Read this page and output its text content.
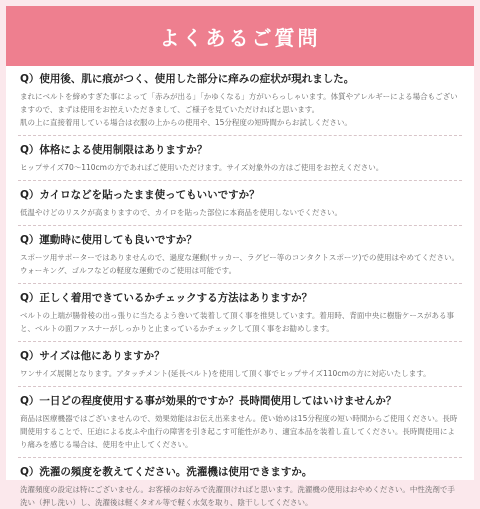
よくあるご質問

Q）使用後、肌に痕がつく、使用した部分に痒みの症状が現れました。

まれにベルトを締めすぎた事によって「赤みが出る」「かゆくなる」方がいらっしゃいます。体質やアレルギーによる場合もございますので、まずは使用をお控えいただきまして、ご様子を見ていただければと思います。
肌の上に直接着用している場合は衣服の上からの使用や、15分程度の短時間からお試しください。

Q）体格による使用制限はありますか？

ヒップサイズ70〜110cmの方であればご使用いただけます。サイズ対象外の方はご使用をお控えください。

Q）カイロなどを貼ったまま使ってもいいですか？

低温やけどのリスクが高まりますので、カイロを貼った部位に本商品を使用しないでください。

Q）運動時に使用しても良いですか？

スポーツ用サポーターではありませんので、過度な運動(サッカー、ラグビー等のコンタクトスポーツ)での使用はやめてください。ウォーキング、ゴルフなどの軽度な運動でのご使用は可能です。

Q）正しく着用できているかチェックする方法はありますか？

ベルトの上端が腸骨稜の出っ張りに当たるよう巻いて装着して頂く事を推奨しています。着用時、背面中央に樹脂ケースがある事と、ベルトの面ファスナーがしっかりと止まっているかチェックして頂く事をお勧めします。

Q）サイズは他にありますか？

ワンサイズ展開となります。アタッチメント(延長ベルト)を使用して頂く事でヒップサイズ110cmの方に対応いたします。

Q）一日どの程度使用する事が効果的ですか？長時間使用してはいけませんか？

商品は医療機器ではございませんので、効果効能はお伝え出来ません。使い始めは15分程度の短い時間からご使用ください。長時間使用することで、圧迫による皮ふや血行の障害を引き起こす可能性があり、適宜本品を装着し直してください。長時間使用により痛みを感じる場合は、使用を中止してください。

Q）洗濯の頻度を教えてください。洗濯機は使用できますか。

洗濯頻度の設定は特にございません。お客様のお好みで洗濯頂ければと思います。洗濯機の使用はおやめください。中性洗剤で手洗い（押し洗い）し、洗濯後は軽くタオル等で軽く水気を取り、陰干ししてください。
